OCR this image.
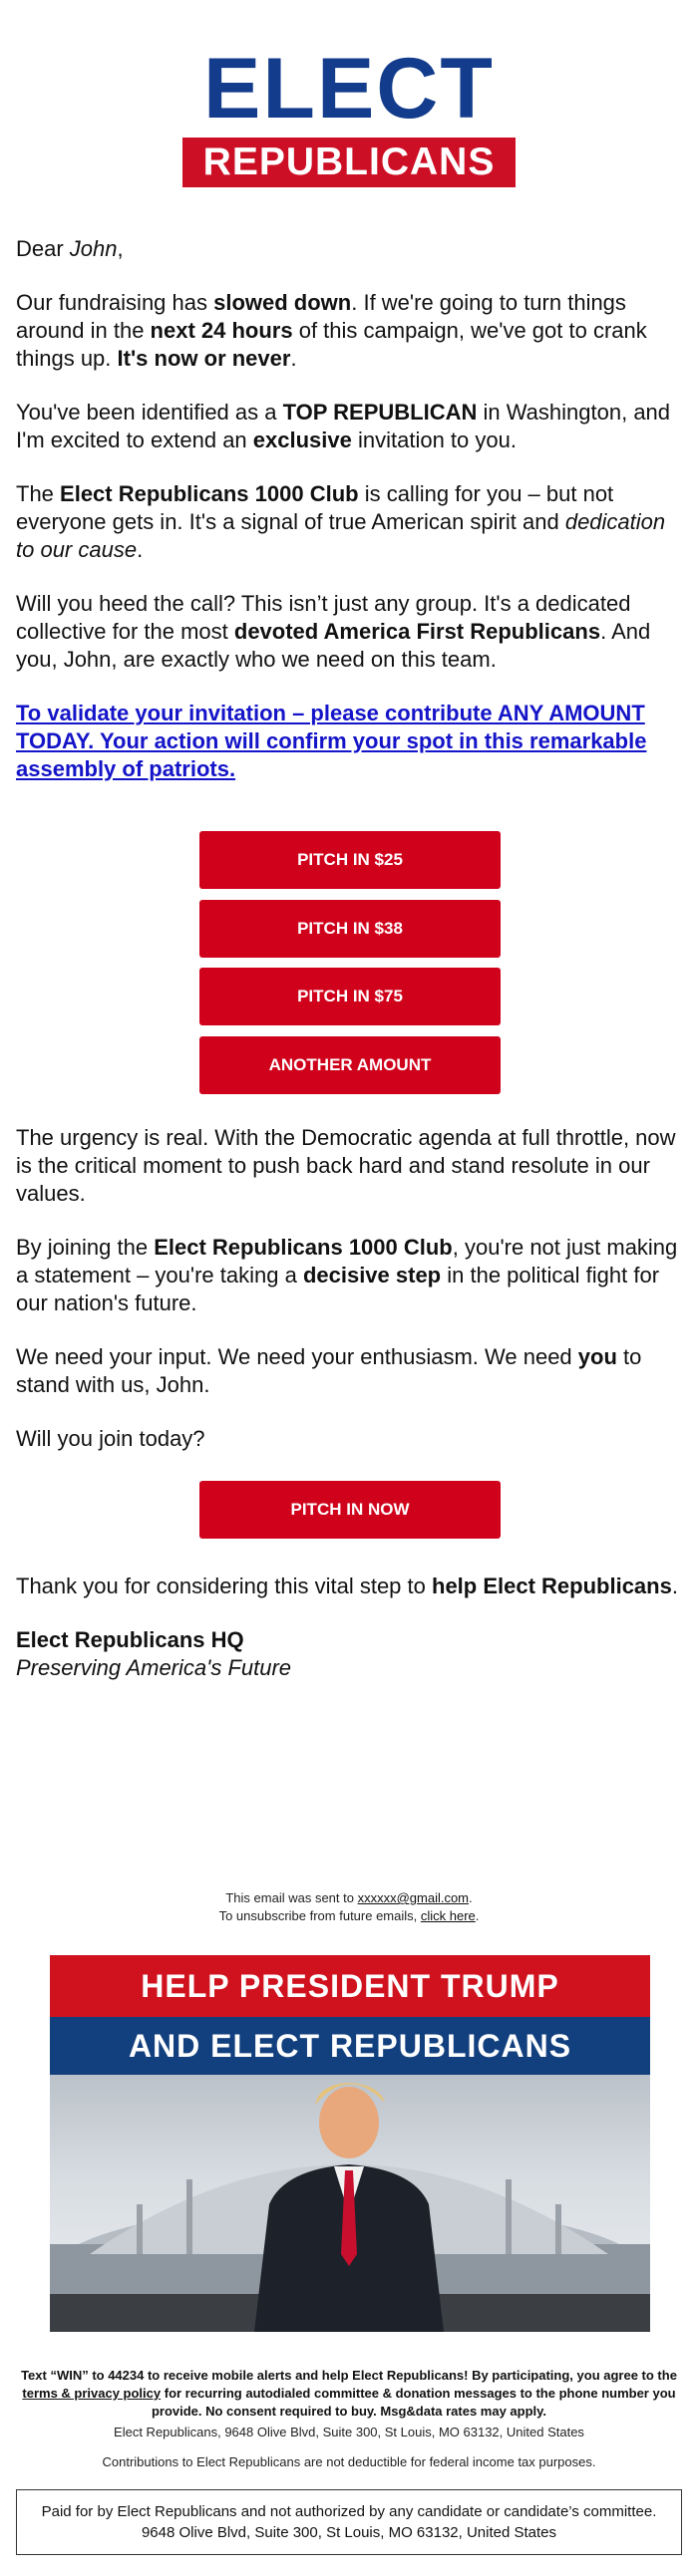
ELECT
REPUBLICANS

Dear John,

Our fundraising has slowed down. If we're going to turn things around in the next 24 hours of this campaign, we've got to crank things up. It's now or never.

You've been identified as a TOP REPUBLICAN in Washington, and I'm excited to extend an exclusive invitation to you.

The Elect Republicans 1000 Club is calling for you – but not everyone gets in. It's a signal of true American spirit and dedication to our cause.

Will you heed the call? This isn’t just any group. It's a dedicated collective for the most devoted America First Republicans. And you, John, are exactly who we need on this team.

To validate your invitation – please contribute ANY AMOUNT TODAY. Your action will confirm your spot in this remarkable assembly of patriots.

PITCH IN $25
PITCH IN $38
PITCH IN $75
ANOTHER AMOUNT

The urgency is real. With the Democratic agenda at full throttle, now is the critical moment to push back hard and stand resolute in our values.

By joining the Elect Republicans 1000 Club, you're not just making a statement – you're taking a decisive step in the political fight for our nation's future.

We need your input. We need your enthusiasm. We need you to stand with us, John.

Will you join today?

PITCH IN NOW

Thank you for considering this vital step to help Elect Republicans.

Elect Republicans HQ
Preserving America's Future

This email was sent to xxxxxx@gmail.com.
To unsubscribe from future emails, click here.
HELP PRESIDENT TRUMP
AND ELECT REPUBLICANS
Text “WIN” to 44234 to receive mobile alerts and help Elect Republicans! By participating, you agree to the terms & privacy policy for recurring autodialed committee & donation messages to the phone number you provide. No consent required to buy. Msg&data rates may apply.
Elect Republicans, 9648 Olive Blvd, Suite 300, St Louis, MO 63132, United States
Contributions to Elect Republicans are not deductible for federal income tax purposes.
Paid for by Elect Republicans and not authorized by any candidate or candidate’s committee. 9648 Olive Blvd, Suite 300, St Louis, MO 63132, United States
